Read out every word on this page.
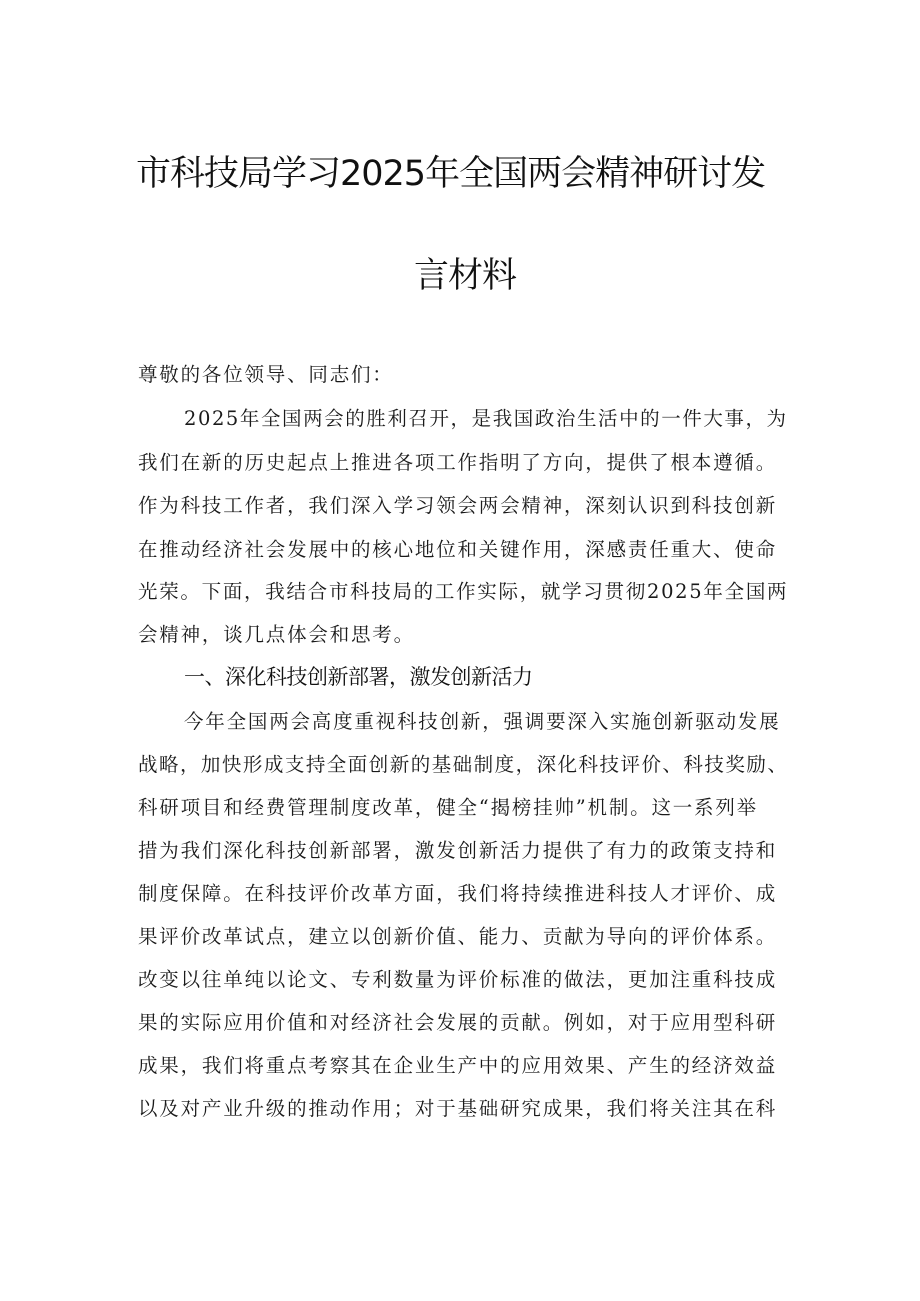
市科技局学习2025年全国两会精神研讨发
言材料
尊敬的各位领导、同志们：
2025年全国两会的胜利召开，是我国政治生活中的一件大事，为
我们在新的历史起点上推进各项工作指明了方向，提供了根本遵循。
作为科技工作者，我们深入学习领会两会精神，深刻认识到科技创新
在推动经济社会发展中的核心地位和关键作用，深感责任重大、使命
光荣。下面，我结合市科技局的工作实际，就学习贯彻2025年全国两
会精神，谈几点体会和思考。
一、深化科技创新部署，激发创新活力
今年全国两会高度重视科技创新，强调要深入实施创新驱动发展
战略，加快形成支持全面创新的基础制度，深化科技评价、科技奖励、
科研项目和经费管理制度改革，健全“揭榜挂帅”机制。这一系列举
措为我们深化科技创新部署，激发创新活力提供了有力的政策支持和
制度保障。在科技评价改革方面，我们将持续推进科技人才评价、成
果评价改革试点，建立以创新价值、能力、贡献为导向的评价体系。
改变以往单纯以论文、专利数量为评价标准的做法，更加注重科技成
果的实际应用价值和对经济社会发展的贡献。例如，对于应用型科研
成果，我们将重点考察其在企业生产中的应用效果、产生的经济效益
以及对产业升级的推动作用；对于基础研究成果，我们将关注其在科
